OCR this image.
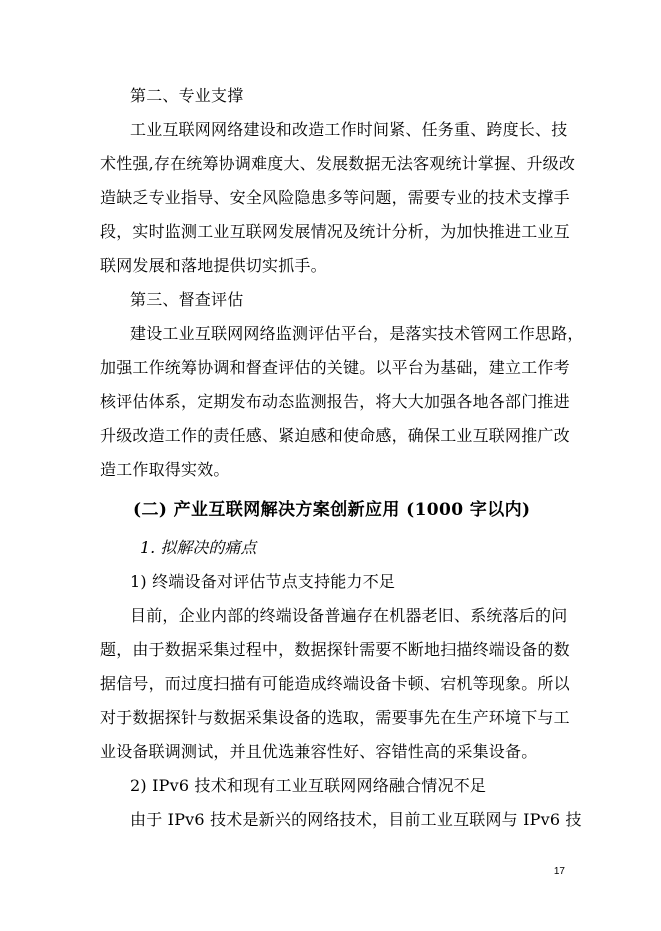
第二、专业支撑
工业互联网网络建设和改造工作时间紧、任务重、跨度长、技
术性强,存在统筹协调难度大、发展数据无法客观统计掌握、升级改
造缺乏专业指导、安全风险隐患多等问题，需要专业的技术支撑手
段，实时监测工业互联网发展情况及统计分析，为加快推进工业互
联网发展和落地提供切实抓手。
第三、督查评估
建设工业互联网网络监测评估平台，是落实技术管网工作思路，
加强工作统筹协调和督查评估的关键。以平台为基础，建立工作考
核评估体系，定期发布动态监测报告，将大大加强各地各部门推进
升级改造工作的责任感、紧迫感和使命感，确保工业互联网推广改
造工作取得实效。
(二) 产业互联网解决方案创新应用 (1000 字以内)
1. 拟解决的痛点
1) 终端设备对评估节点支持能力不足
目前，企业内部的终端设备普遍存在机器老旧、系统落后的问
题，由于数据采集过程中，数据探针需要不断地扫描终端设备的数
据信号，而过度扫描有可能造成终端设备卡顿、宕机等现象。所以
对于数据探针与数据采集设备的选取，需要事先在生产环境下与工
业设备联调测试，并且优选兼容性好、容错性高的采集设备。
2) IPv6 技术和现有工业互联网网络融合情况不足
由于 IPv6 技术是新兴的网络技术，目前工业互联网与 IPv6 技
17
